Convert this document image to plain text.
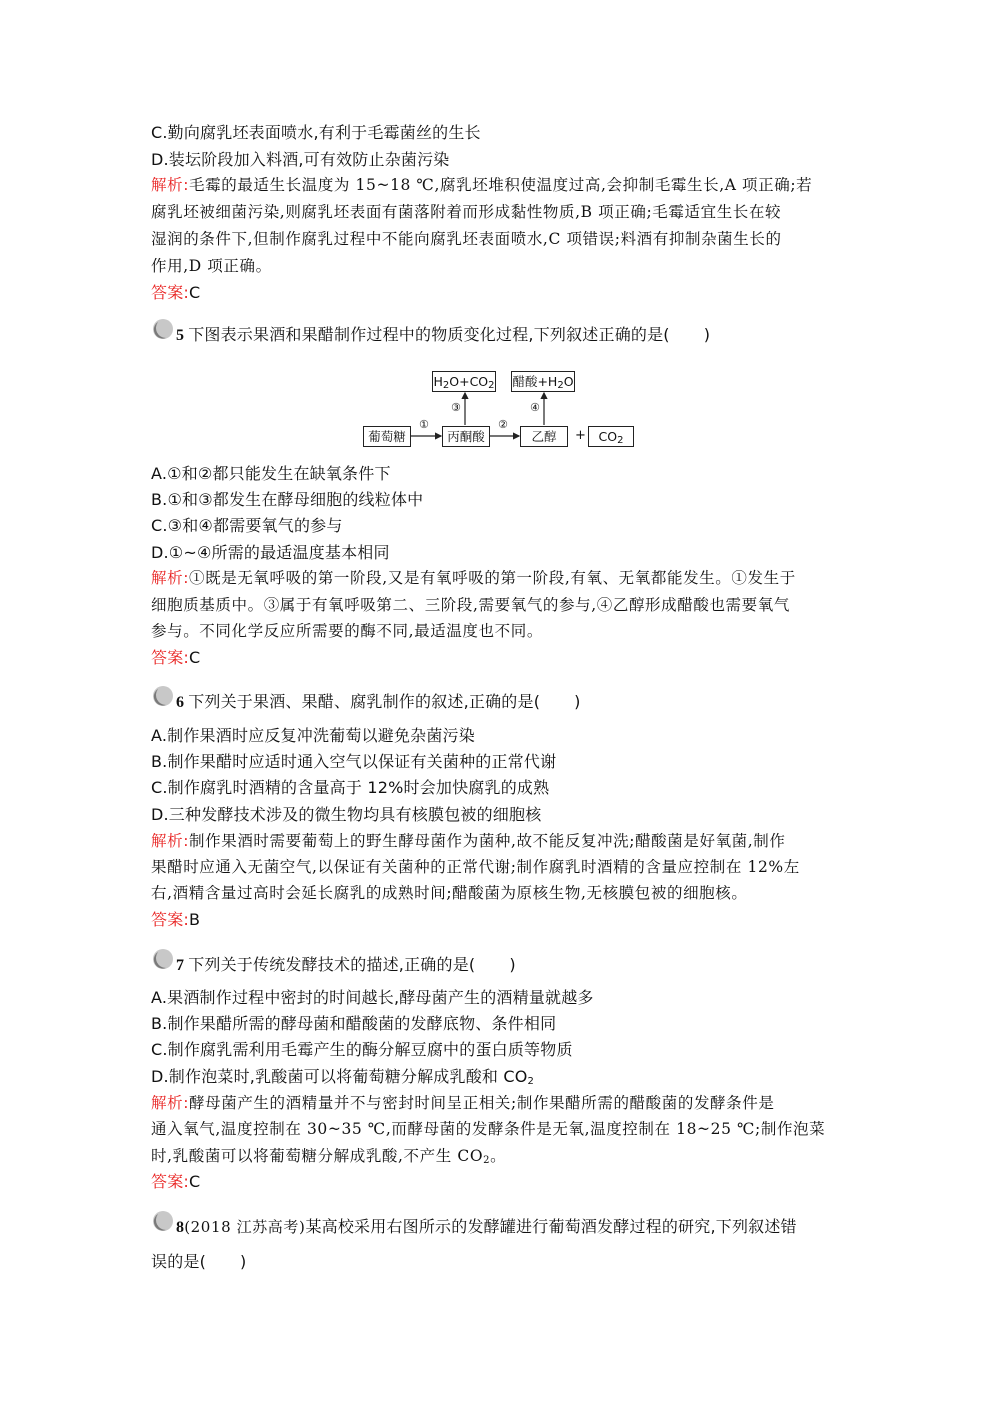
C.勤向腐乳坯表面喷水,有利于毛霉菌丝的生长
D.装坛阶段加入料酒,可有效防止杂菌污染
解析:毛霉的最适生长温度为 15~18 ℃,腐乳坯堆积使温度过高,会抑制毛霉生长,A 项正确;若
腐乳坯被细菌污染,则腐乳坯表面有菌落附着而形成黏性物质,B 项正确;毛霉适宜生长在较
湿润的条件下,但制作腐乳过程中不能向腐乳坯表面喷水,C 项错误;料酒有抑制杂菌生长的
作用,D 项正确。
答案:C
5 下图表示果酒和果醋制作过程中的物质变化过程,下列叙述正确的是( )
$H_2O+CO_2$ 醋酸$+H_2O$
葡萄糖	丙酮酸	乙醇	+	$CO_2$
①	②
③	④
A.①和②都只能发生在缺氧条件下
B.①和③都发生在酵母细胞的线粒体中
C.③和④都需要氧气的参与
D.①~④所需的最适温度基本相同
解析:①既是无氧呼吸的第一阶段,又是有氧呼吸的第一阶段,有氧、无氧都能发生。①发生于
细胞质基质中。③属于有氧呼吸第二、三阶段,需要氧气的参与,④乙醇形成醋酸也需要氧气
参与。不同化学反应所需要的酶不同,最适温度也不同。
答案:C
6 下列关于果酒、果醋、腐乳制作的叙述,正确的是( )
A.制作果酒时应反复冲洗葡萄以避免杂菌污染
B.制作果醋时应适时通入空气以保证有关菌种的正常代谢
C.制作腐乳时酒精的含量高于 12%时会加快腐乳的成熟
D.三种发酵技术涉及的微生物均具有核膜包被的细胞核
解析:制作果酒时需要葡萄上的野生酵母菌作为菌种,故不能反复冲洗;醋酸菌是好氧菌,制作
果醋时应通入无菌空气,以保证有关菌种的正常代谢;制作腐乳时酒精的含量应控制在 12%左
右,酒精含量过高时会延长腐乳的成熟时间;醋酸菌为原核生物,无核膜包被的细胞核。
答案:B
7 下列关于传统发酵技术的描述,正确的是( )
A.果酒制作过程中密封的时间越长,酵母菌产生的酒精量就越多
B.制作果醋所需的酵母菌和醋酸菌的发酵底物、条件相同
C.制作腐乳需利用毛霉产生的酶分解豆腐中的蛋白质等物质
D.制作泡菜时,乳酸菌可以将葡萄糖分解成乳酸和 $CO_2$
解析:酵母菌产生的酒精量并不与密封时间呈正相关;制作果醋所需的醋酸菌的发酵条件是
通入氧气,温度控制在 30~35 ℃,而酵母菌的发酵条件是无氧,温度控制在 18~25 ℃;制作泡菜
时,乳酸菌可以将葡萄糖分解成乳酸,不产生 $CO_2$。
答案:C
8(2018 江苏高考)某高校采用右图所示的发酵罐进行葡萄酒发酵过程的研究,下列叙述错
误的是( )
